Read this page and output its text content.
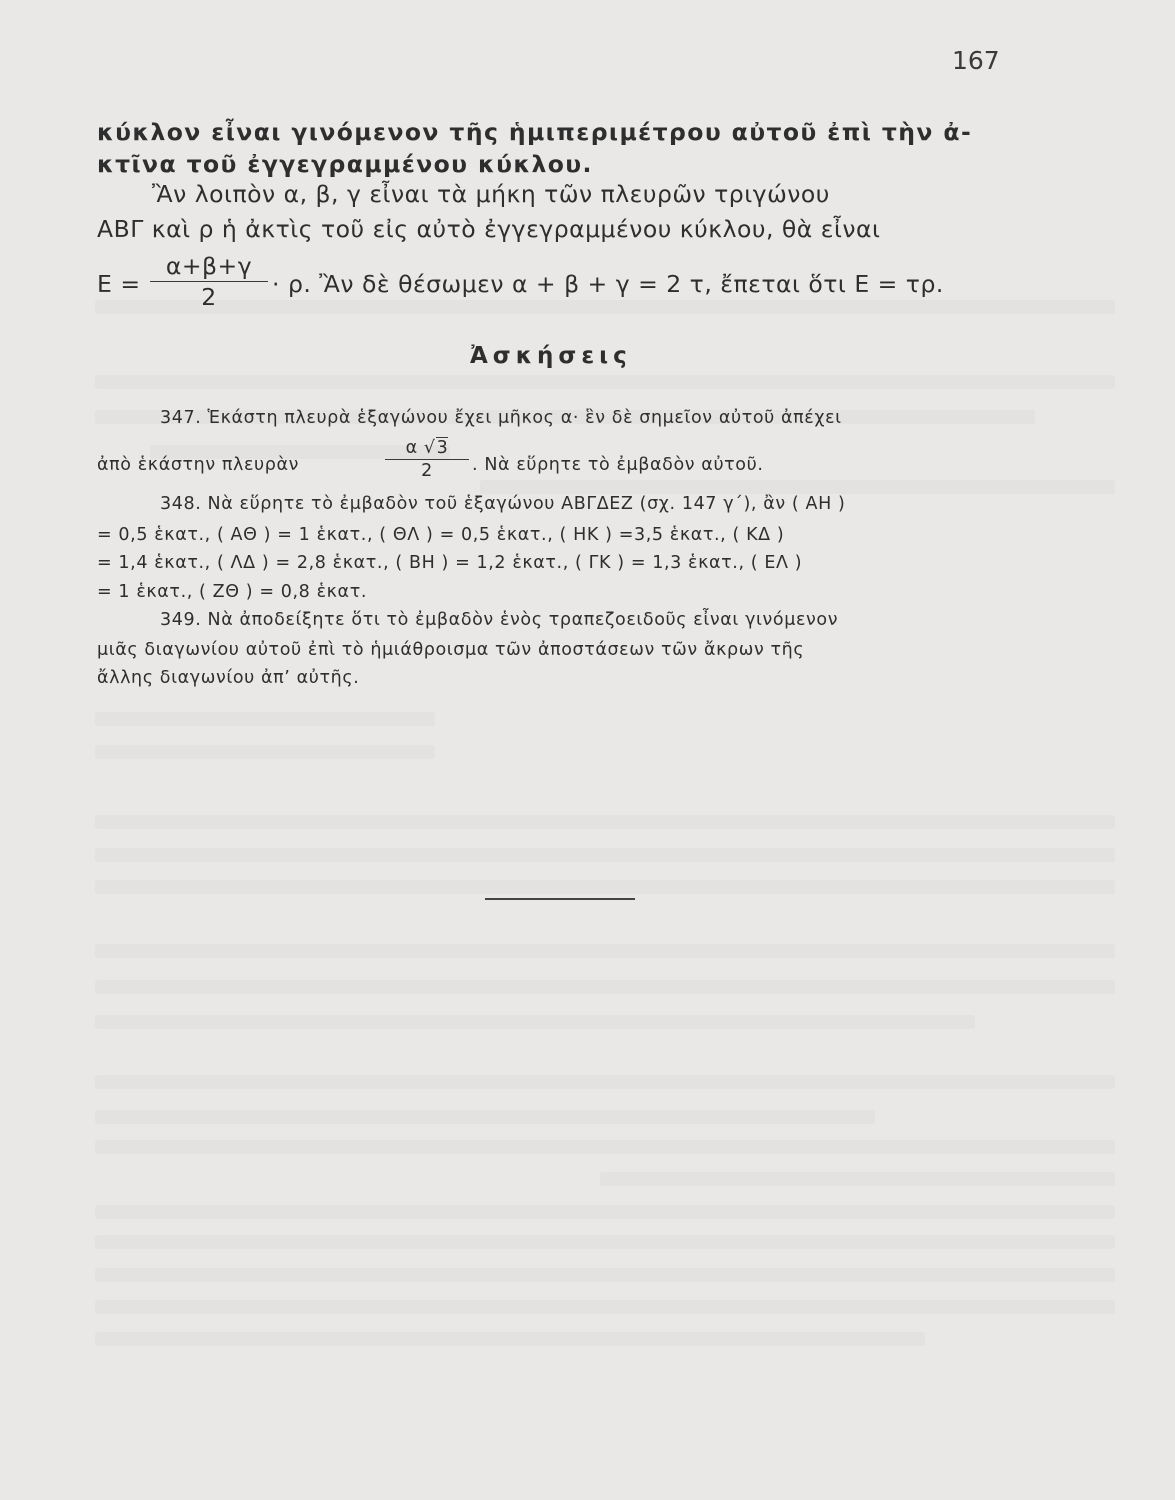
167
κύκλον εἶναι γινόμενον τῆς ἡμιπεριμέτρου αὐτοῦ ἐπὶ τὴν ἀ-
κτῖνα τοῦ ἐγγεγραμμένου κύκλου.
Ἂν λοιπὸν α, β, γ εἶναι τὰ μήκη τῶν πλευρῶν τριγώνου
ΑΒΓ καὶ ρ ἡ ἀκτὶς τοῦ εἰς αὐτὸ ἐγγεγραμμένου κύκλου, θὰ εἶναι
$E = \frac{\alpha+\beta+\gamma}{2} \cdot \rho$. Ἂν δὲ θέσωμεν α + β + γ = 2 τ, ἔπεται ὅτι Ε = τρ.
Ἀσκήσεις
347. Ἑκάστη πλευρὰ ἑξαγώνου ἔχει μῆκος α· ἓν δὲ σημεῖον αὐτοῦ ἀπέχει
ἀπὸ ἑκάστην πλευρὰν	$\frac{\alpha √3}{2}$ . Νὰ εὕρητε τὸ ἐμβαδὸν αὐτοῦ.
348. Νὰ εὕρητε τὸ ἐμβαδὸν τοῦ ἑξαγώνου ΑΒΓΔΕΖ (σχ. 147 γ΄), ἂν ( ΑΗ )
= 0,5 ἑκατ., ( ΑΘ ) = 1 ἑκατ., ( ΘΛ ) = 0,5 ἑκατ., ( ΗΚ ) =3,5 ἑκατ., ( ΚΔ )
= 1,4 ἑκατ., ( ΛΔ ) = 2,8 ἑκατ., ( ΒΗ ) = 1,2 ἑκατ., ( ΓΚ ) = 1,3 ἑκατ., ( ΕΛ )
= 1 ἑκατ., ( ΖΘ ) = 0,8 ἑκατ.
349. Νὰ ἀποδείξητε ὅτι τὸ ἐμβαδὸν ἑνὸς τραπεζοειδοῦς εἶναι γινόμενον
μιᾶς διαγωνίου αὐτοῦ ἐπὶ τὸ ἡμιάθροισμα τῶν ἀποστάσεων τῶν ἄκρων τῆς
ἄλλης διαγωνίου ἀπ’ αὐτῆς.
